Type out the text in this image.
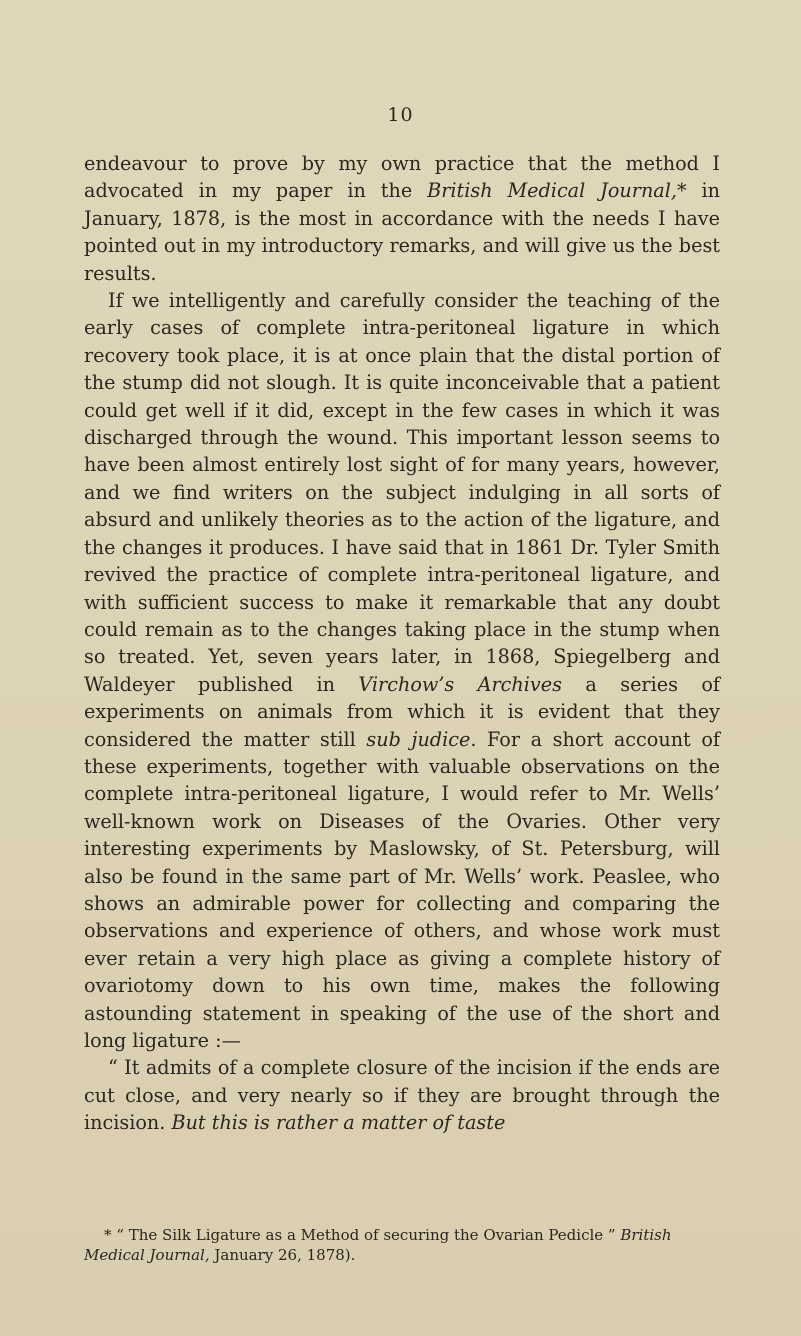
10

endeavour to prove by my own practice that the method I advocated in my paper in the British Medical Journal,* in January, 1878, is the most in accordance with the needs I have pointed out in my introductory remarks, and will give us the best results.

If we intelligently and carefully consider the teaching of the early cases of complete intra-peritoneal ligature in which recovery took place, it is at once plain that the distal portion of the stump did not slough. It is quite inconceivable that a patient could get well if it did, except in the few cases in which it was discharged through the wound. This important lesson seems to have been almost entirely lost sight of for many years, however, and we find writers on the subject indulging in all sorts of absurd and unlikely theories as to the action of the ligature, and the changes it produces. I have said that in 1861 Dr. Tyler Smith revived the practice of complete intra-peritoneal ligature, and with sufficient success to make it remarkable that any doubt could remain as to the changes taking place in the stump when so treated. Yet, seven years later, in 1868, Spiegelberg and Waldeyer published in Virchow’s Archives a series of experiments on animals from which it is evident that they considered the matter still sub judice. For a short account of these experiments, together with valuable observations on the complete intra-peritoneal ligature, I would refer to Mr. Wells’ well-known work on Diseases of the Ovaries. Other very interesting experiments by Maslowsky, of St. Petersburg, will also be found in the same part of Mr. Wells’ work. Peaslee, who shows an admirable power for collecting and comparing the observations and experience of others, and whose work must ever retain a very high place as giving a complete history of ovariotomy down to his own time, makes the following astounding statement in speaking of the use of the short and long ligature :—

“ It admits of a complete closure of the incision if the ends are cut close, and very nearly so if they are brought through the incision. But this is rather a matter of taste

* “ The Silk Ligature as a Method of securing the Ovarian Pedicle ” British Medical Journal, January 26, 1878).
